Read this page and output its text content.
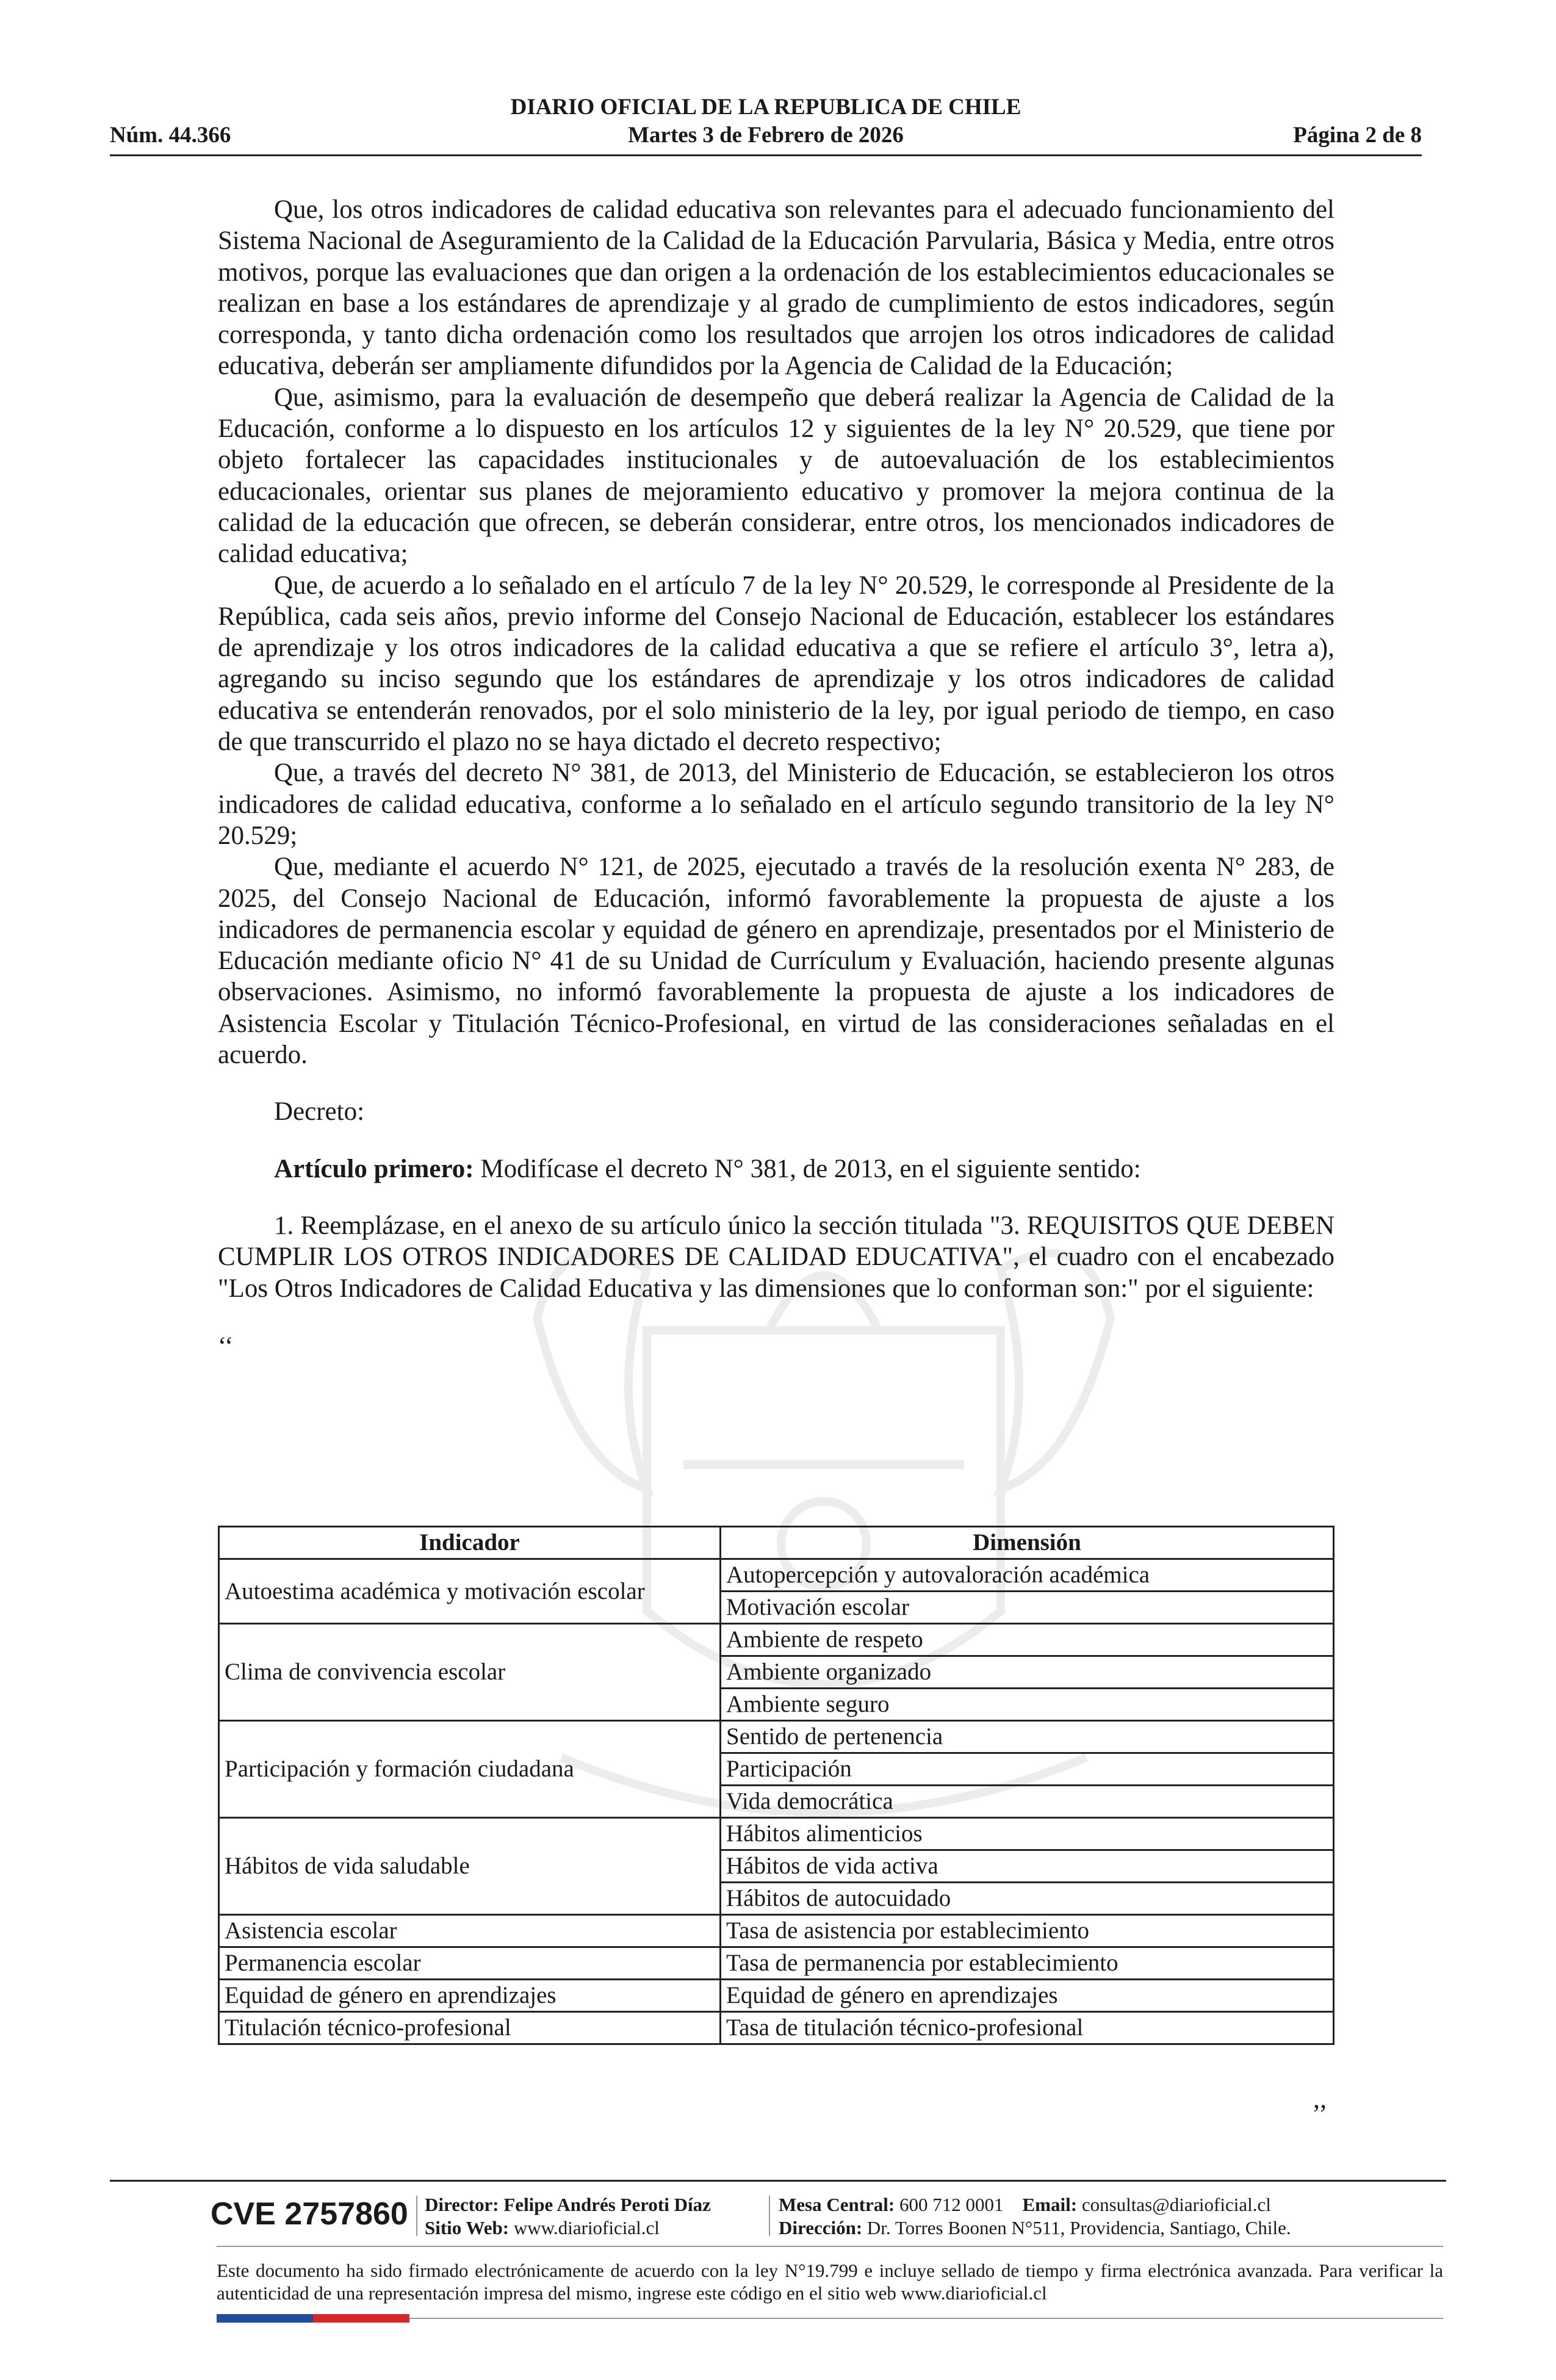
DIARIO OFICIAL DE LA REPUBLICA DE CHILE
Núm. 44.366	Martes 3 de Febrero de 2026	Página 2 de 8

Que, los otros indicadores de calidad educativa son relevantes para el adecuado funcionamiento del Sistema Nacional de Aseguramiento de la Calidad de la Educación Parvularia, Básica y Media, entre otros motivos, porque las evaluaciones que dan origen a la ordenación de los establecimientos educacionales se realizan en base a los estándares de aprendizaje y al grado de cumplimiento de estos indicadores, según corresponda, y tanto dicha ordenación como los resultados que arrojen los otros indicadores de calidad educativa, deberán ser ampliamente difundidos por la Agencia de Calidad de la Educación;

Que, asimismo, para la evaluación de desempeño que deberá realizar la Agencia de Calidad de la Educación, conforme a lo dispuesto en los artículos 12 y siguientes de la ley N° 20.529, que tiene por objeto fortalecer las capacidades institucionales y de autoevaluación de los establecimientos educacionales, orientar sus planes de mejoramiento educativo y promover la mejora continua de la calidad de la educación que ofrecen, se deberán considerar, entre otros, los mencionados indicadores de calidad educativa;

Que, de acuerdo a lo señalado en el artículo 7 de la ley N° 20.529, le corresponde al Presidente de la República, cada seis años, previo informe del Consejo Nacional de Educación, establecer los estándares de aprendizaje y los otros indicadores de la calidad educativa a que se refiere el artículo 3°, letra a), agregando su inciso segundo que los estándares de aprendizaje y los otros indicadores de calidad educativa se entenderán renovados, por el solo ministerio de la ley, por igual periodo de tiempo, en caso de que transcurrido el plazo no se haya dictado el decreto respectivo;

Que, a través del decreto N° 381, de 2013, del Ministerio de Educación, se establecieron los otros indicadores de calidad educativa, conforme a lo señalado en el artículo segundo transitorio de la ley N° 20.529;

Que, mediante el acuerdo N° 121, de 2025, ejecutado a través de la resolución exenta N° 283, de 2025, del Consejo Nacional de Educación, informó favorablemente la propuesta de ajuste a los indicadores de permanencia escolar y equidad de género en aprendizaje, presentados por el Ministerio de Educación mediante oficio N° 41 de su Unidad de Currículum y Evaluación, haciendo presente algunas observaciones. Asimismo, no informó favorablemente la propuesta de ajuste a los indicadores de Asistencia Escolar y Titulación Técnico-Profesional, en virtud de las consideraciones señaladas en el acuerdo.

Decreto:

Artículo primero: Modifícase el decreto N° 381, de 2013, en el siguiente sentido:

1. Reemplázase, en el anexo de su artículo único la sección titulada "3. REQUISITOS QUE DEBEN CUMPLIR LOS OTROS INDICADORES DE CALIDAD EDUCATIVA", el cuadro con el encabezado "Los Otros Indicadores de Calidad Educativa y las dimensiones que lo conforman son:" por el siguiente:

‘‘

Indicador	Dimensión
Autoestima académica y motivación escolar	Autopercepción y autovaloración académica
	Motivación escolar
Clima de convivencia escolar	Ambiente de respeto
	Ambiente organizado
	Ambiente seguro
Participación y formación ciudadana	Sentido de pertenencia
	Participación
	Vida democrática
Hábitos de vida saludable	Hábitos alimenticios
	Hábitos de vida activa
	Hábitos de autocuidado
Asistencia escolar	Tasa de asistencia por establecimiento
Permanencia escolar	Tasa de permanencia por establecimiento
Equidad de género en aprendizajes	Equidad de género en aprendizajes
Titulación técnico-profesional	Tasa de titulación técnico-profesional
’’
CVE 2757860 Director: Felipe Andrés Peroti Díaz
Sitio Web: www.diarioficial.cl
Mesa Central: 600 712 0001 Email: consultas@diarioficial.cl
Dirección: Dr. Torres Boonen N°511, Providencia, Santiago, Chile.
Este documento ha sido firmado electrónicamente de acuerdo con la ley N°19.799 e incluye sellado de tiempo y firma electrónica avanzada. Para verificar la autenticidad de una representación impresa del mismo, ingrese este código en el sitio web www.diarioficial.cl
